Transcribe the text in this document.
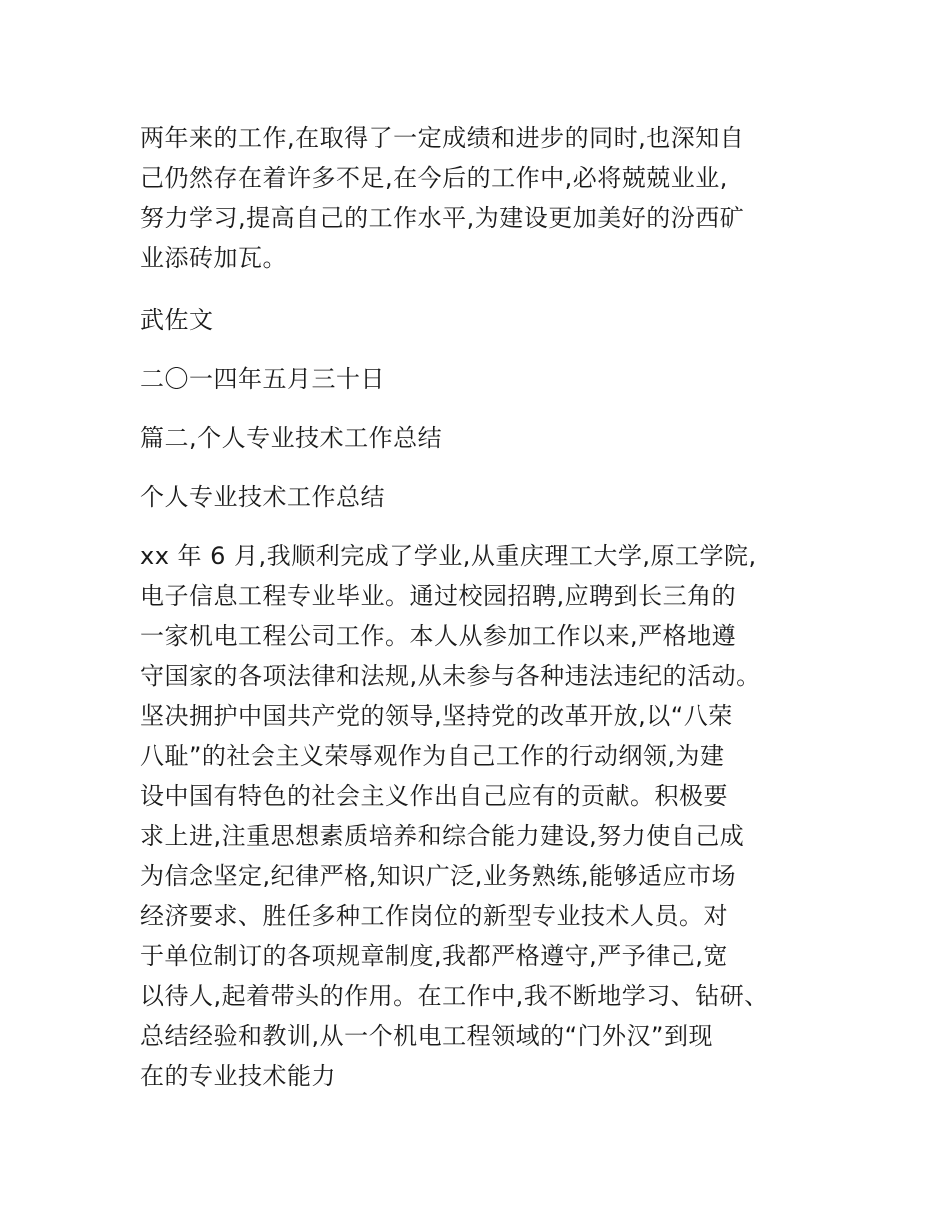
两年来的工作,在取得了一定成绩和进步的同时,也深知自
己仍然存在着许多不足,在今后的工作中,必将兢兢业业,
努力学习,提高自己的工作水平,为建设更加美好的汾西矿
业添砖加瓦。
武佐文
二〇一四年五月三十日
篇二,个人专业技术工作总结
个人专业技术工作总结
xx 年 6 月,我顺利完成了学业,从重庆理工大学,原工学院,
电子信息工程专业毕业。通过校园招聘,应聘到长三角的
一家机电工程公司工作。本人从参加工作以来,严格地遵
守国家的各项法律和法规,从未参与各种违法违纪的活动。
坚决拥护中国共产党的领导,坚持党的改革开放,以“八荣
八耻”的社会主义荣辱观作为自己工作的行动纲领,为建
设中国有特色的社会主义作出自己应有的贡献。积极要
求上进,注重思想素质培养和综合能力建设,努力使自己成
为信念坚定,纪律严格,知识广泛,业务熟练,能够适应市场
经济要求、胜任多种工作岗位的新型专业技术人员。对
于单位制订的各项规章制度,我都严格遵守,严予律己,宽
以待人,起着带头的作用。在工作中,我不断地学习、钻研、
总结经验和教训,从一个机电工程领域的“门外汉”到现
在的专业技术能力
